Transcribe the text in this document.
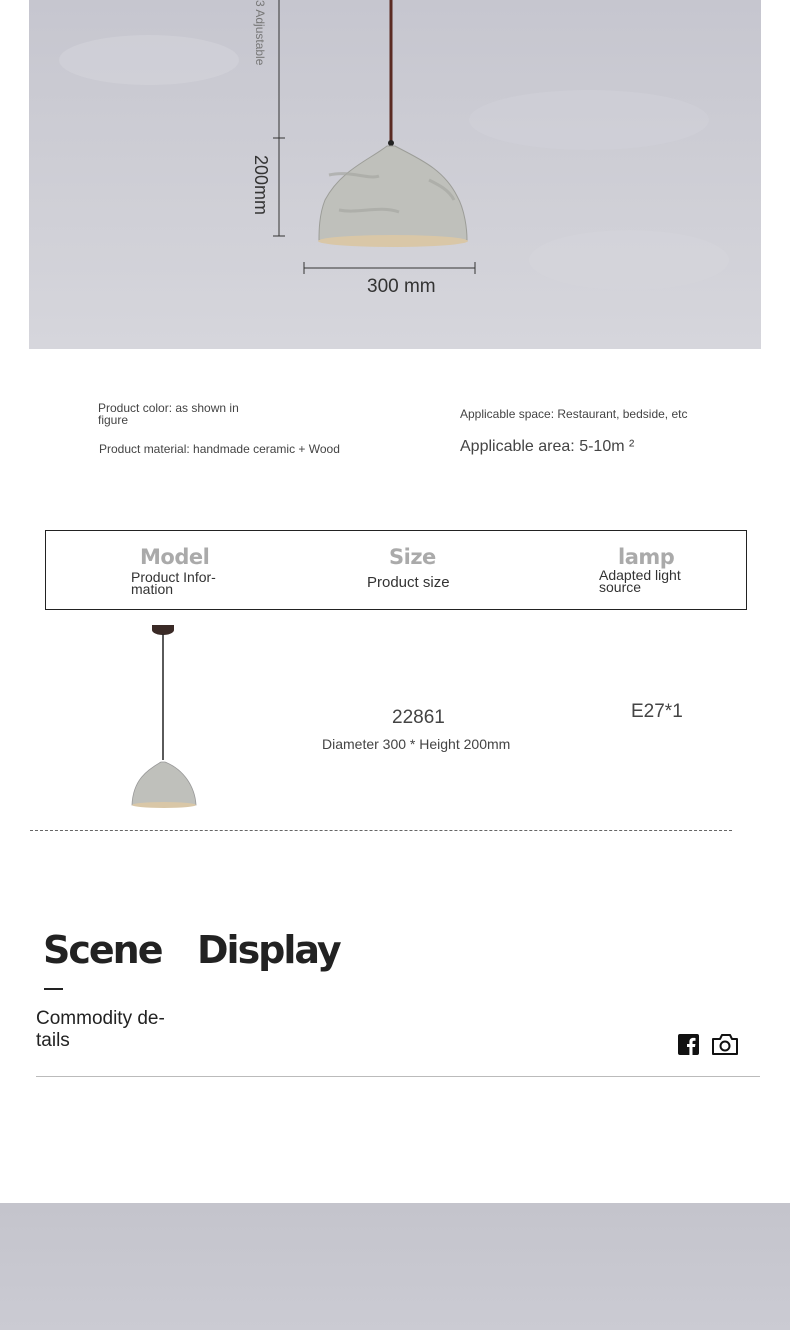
3 Adjustable
200mm
300 mm
Product color: as shown in figure
Product material: handmade ceramic + Wood
Applicable space: Restaurant, bedside, etc
Applicable area: 5-10m ²
Model
Product Infor-mation
Size
Product size
lamp
Adapted light source
22861
Diameter 300 * Height 200mm
E27*1
Scene Display
Commodity de-tails
